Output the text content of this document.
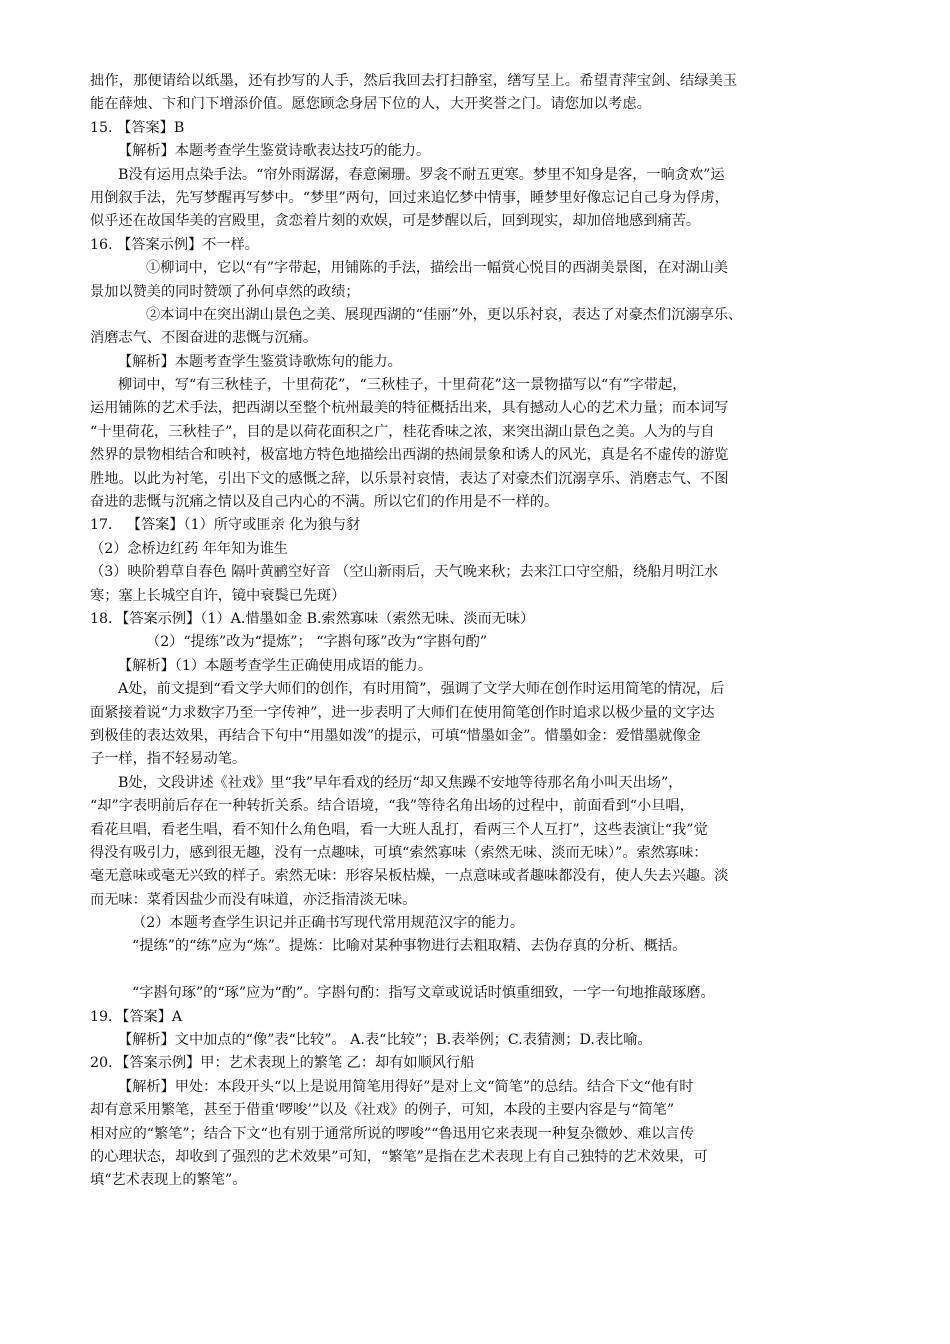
拙作，那便请给以纸墨，还有抄写的人手，然后我回去打扫静室，缮写呈上。希望青萍宝剑、结绿美玉
能在薛烛、卞和门下增添价值。愿您顾念身居下位的人，大开奖誉之门。请您加以考虑。
15. 【答案】B
【解析】本题考查学生鉴赏诗歌表达技巧的能力。
B没有运用点染手法。“帘外雨潺潺，春意阑珊。罗衾不耐五更寒。梦里不知身是客，一晌贪欢”运
用倒叙手法，先写梦醒再写梦中。“梦里”两句，回过来追忆梦中情事，睡梦里好像忘记自己身为俘虏，
似乎还在故国华美的宫殿里，贪恋着片刻的欢娱，可是梦醒以后，回到现实，却加倍地感到痛苦。
16. 【答案示例】不一样。
①柳词中，它以“有”字带起，用铺陈的手法，描绘出一幅赏心悦目的西湖美景图，在对湖山美
景加以赞美的同时赞颂了孙何卓然的政绩；
②本词中在突出湖山景色之美、展现西湖的“佳丽”外，更以乐衬哀，表达了对豪杰们沉溺享乐、
消磨志气、不图奋进的悲慨与沉痛。
【解析】本题考查学生鉴赏诗歌炼句的能力。
柳词中，写“有三秋桂子，十里荷花”，“三秋桂子，十里荷花”这一景物描写以“有”字带起，
运用铺陈的艺术手法，把西湖以至整个杭州最美的特征概括出来，具有撼动人心的艺术力量；而本词写
“十里荷花，三秋桂子”，目的是以荷花面积之广，桂花香味之浓，来突出湖山景色之美。人为的与自
然界的景物相结合和映衬，极富地方特色地描绘出西湖的热闹景象和诱人的风光，真是名不虚传的游览
胜地。以此为衬笔，引出下文的感慨之辞，以乐景衬哀情，表达了对豪杰们沉溺享乐、消磨志气、不图
奋进的悲慨与沉痛之情以及自己内心的不满。所以它们的作用是不一样的。
17． 【答案】（1）所守或匪亲 化为狼与豺
（2）念桥边红药 年年知为谁生
（3）映阶碧草自春色 隔叶黄鹂空好音 （空山新雨后，天气晚来秋；去来江口守空船，绕船月明江水
寒；塞上长城空自许，镜中衰鬓已先斑）
18．【答案示例】（1）A.惜墨如金 B.索然寡味（索然无味、淡而无味）
（2）“提练”改为“提炼”； “字斟句琢”改为“字斟句酌”
【解析】（1）本题考查学生正确使用成语的能力。
A处，前文提到“看文学大师们的创作，有时用简”，强调了文学大师在创作时运用简笔的情况，后
面紧接着说“力求数字乃至一字传神”，进一步表明了大师们在使用简笔创作时追求以极少量的文字达
到极佳的表达效果，再结合下句中“用墨如泼”的提示，可填“惜墨如金”。惜墨如金：爱惜墨就像金
子一样，指不轻易动笔。
B处，文段讲述《社戏》里“我”早年看戏的经历“却又焦躁不安地等待那名角小叫天出场”，
“却”字表明前后存在一种转折关系。结合语境，“我”等待名角出场的过程中，前面看到“小旦唱，
看花旦唱，看老生唱，看不知什么角色唱，看一大班人乱打，看两三个人互打”，这些表演让“我”觉
得没有吸引力，感到很无趣，没有一点趣味，可填“索然寡味（索然无味、淡而无味）”。索然寡味：
毫无意味或毫无兴致的样子。索然无味：形容呆板枯燥，一点意味或者趣味都没有，使人失去兴趣。淡
而无味：菜肴因盐少而没有味道，亦泛指清淡无味。
（2）本题考查学生识记并正确书写现代常用规范汉字的能力。
“提练”的“练”应为“炼”。提炼：比喻对某种事物进行去粗取精、去伪存真的分析、概括。
“字斟句琢”的“琢”应为“酌”。字斟句酌：指写文章或说话时慎重细致，一字一句地推敲琢磨。
19．【答案】A
【解析】文中加点的“像”表“比较”。 A.表“比较”；B.表举例；C.表猜测；D.表比喻。
20．【答案示例】甲：艺术表现上的繁笔 乙：却有如顺风行船
【解析】甲处：本段开头“以上是说用简笔用得好”是对上文“简笔”的总结。结合下文“他有时
却有意采用繁笔，甚至于借重‘啰唆’”以及《社戏》的例子，可知，本段的主要内容是与“简笔”
相对应的“繁笔”；结合下文“也有别于通常所说的啰唆”“鲁迅用它来表现一种复杂微妙、难以言传
的心理状态，却收到了强烈的艺术效果”可知，“繁笔”是指在艺术表现上有自己独特的艺术效果，可
填“艺术表现上的繁笔”。
